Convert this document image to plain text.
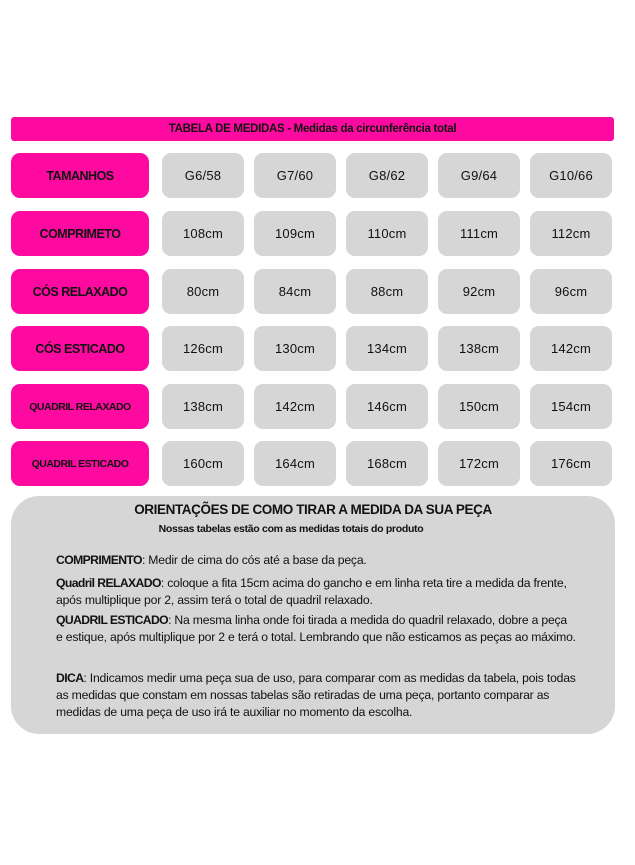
TABELA DE MEDIDAS - Medidas da circunferência total
TAMANHOS	G6/58	G7/60	G8/62	G9/64	G10/66
COMPRIMETO	108cm	109cm	110cm	111cm	112cm
CÓS RELAXADO	80cm	84cm	88cm	92cm	96cm
CÓS ESTICADO	126cm	130cm	134cm	138cm	142cm
QUADRIL RELAXADO	138cm	142cm	146cm	150cm	154cm
QUADRIL ESTICADO	160cm	164cm	168cm	172cm	176cm
ORIENTAÇÕES DE COMO TIRAR A MEDIDA DA SUA PEÇA
Nossas tabelas estão com as medidas totais do produto
COMPRIMENTO: Medir de cima do cós até a base da peça.
Quadril RELAXADO: coloque a fita 15cm acima do gancho e em linha reta tire a medida da frente, após multiplique por 2, assim terá o total de quadril relaxado.
QUADRIL ESTICADO: Na mesma linha onde foi tirada a medida do quadril relaxado, dobre a peça e estique, após multiplique por 2 e terá o total. Lembrando que não esticamos as peças ao máximo.
DICA: Indicamos medir uma peça sua de uso, para comparar com as medidas da tabela, pois todas as medidas que constam em nossas tabelas são retiradas de uma peça, portanto comparar as medidas de uma peça de uso irá te auxiliar no momento da escolha.
